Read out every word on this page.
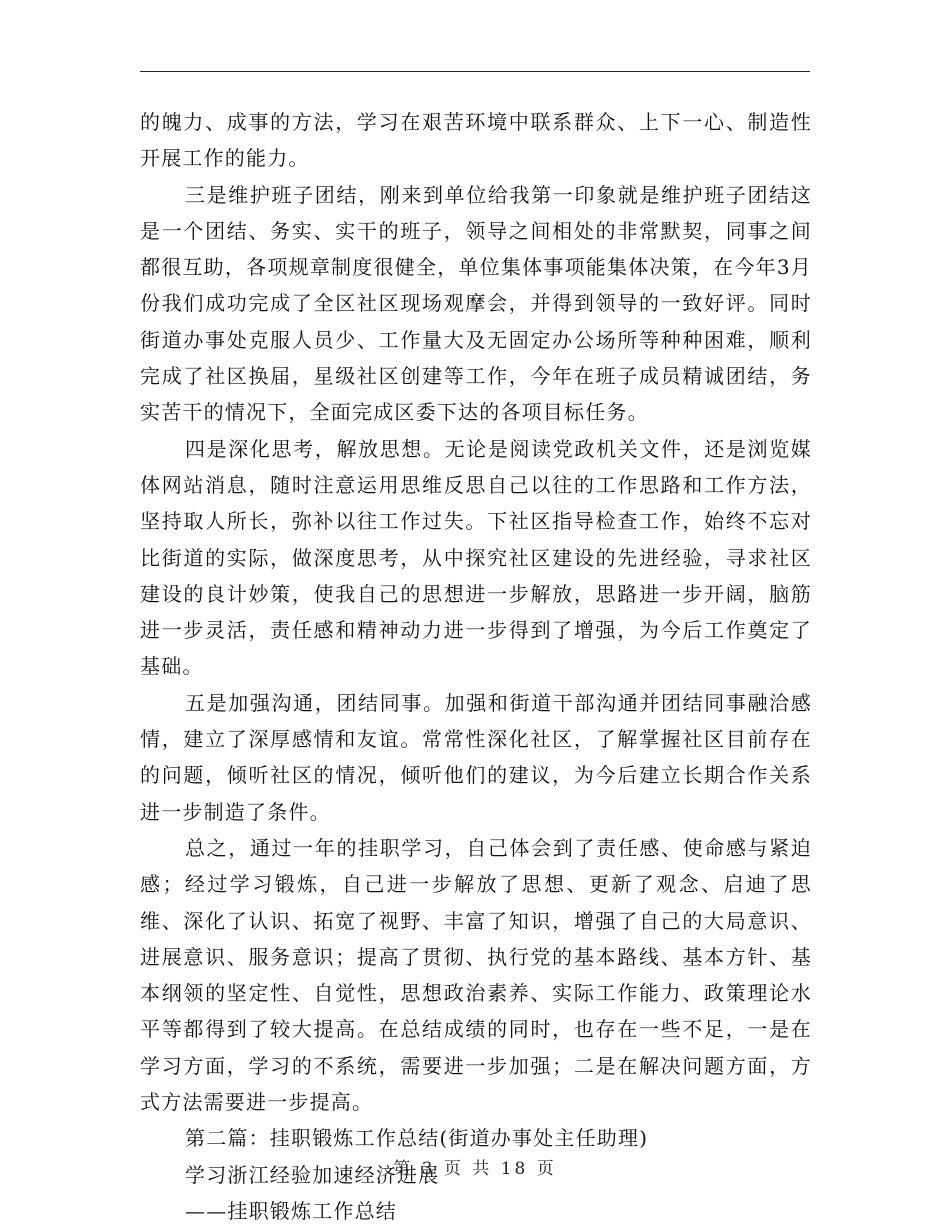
的魄力、成事的方法，学习在艰苦环境中联系群众、上下一心、制造性开展工作的能力。

三是维护班子团结，刚来到单位给我第一印象就是维护班子团结这是一个团结、务实、实干的班子，领导之间相处的非常默契，同事之间都很互助，各项规章制度很健全，单位集体事项能集体决策，在今年3月份我们成功完成了全区社区现场观摩会，并得到领导的一致好评。同时街道办事处克服人员少、工作量大及无固定办公场所等种种困难，顺利完成了社区换届，星级社区创建等工作，今年在班子成员精诚团结，务实苦干的情况下，全面完成区委下达的各项目标任务。

四是深化思考，解放思想。无论是阅读党政机关文件，还是浏览媒体网站消息，随时注意运用思维反思自己以往的工作思路和工作方法，坚持取人所长，弥补以往工作过失。下社区指导检查工作，始终不忘对比街道的实际，做深度思考，从中探究社区建设的先进经验，寻求社区建设的良计妙策，使我自己的思想进一步解放，思路进一步开阔，脑筋进一步灵活，责任感和精神动力进一步得到了增强，为今后工作奠定了基础。

五是加强沟通，团结同事。加强和街道干部沟通并团结同事融洽感情，建立了深厚感情和友谊。常常性深化社区，了解掌握社区目前存在的问题，倾听社区的情况，倾听他们的建议，为今后建立长期合作关系进一步制造了条件。

总之，通过一年的挂职学习，自己体会到了责任感、使命感与紧迫感；经过学习锻炼，自己进一步解放了思想、更新了观念、启迪了思维、深化了认识、拓宽了视野、丰富了知识，增强了自己的大局意识、进展意识、服务意识；提高了贯彻、执行党的基本路线、基本方针、基本纲领的坚定性、自觉性，思想政治素养、实际工作能力、政策理论水平等都得到了较大提高。在总结成绩的同时，也存在一些不足，一是在学习方面，学习的不系统，需要进一步加强；二是在解决问题方面，方式方法需要进一步提高。

第二篇：挂职锻炼工作总结(街道办事处主任助理)

学习浙江经验加速经济进展

——挂职锻炼工作总结

第 3 页 共 18 页
